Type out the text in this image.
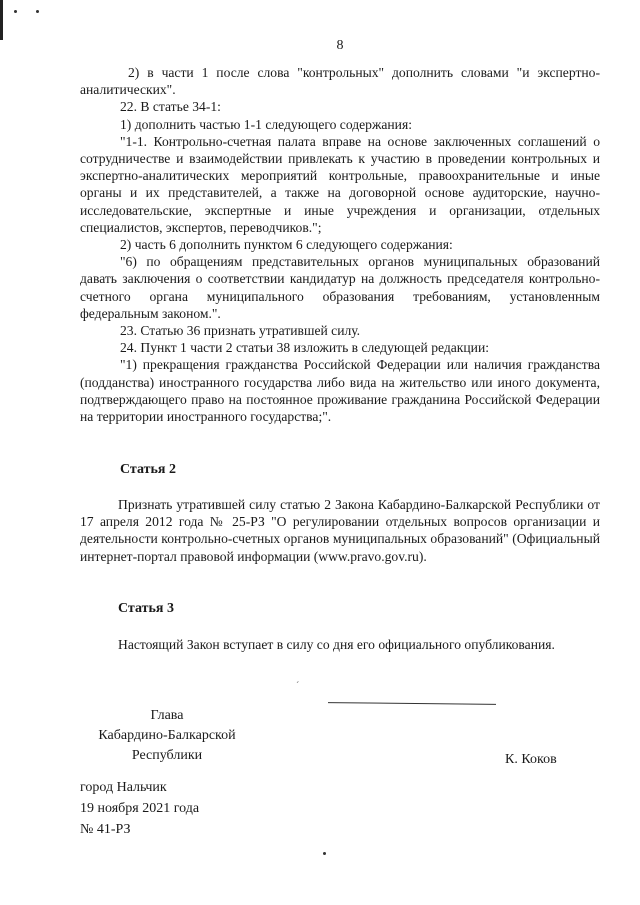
8

2) в части 1 после слова "контрольных" дополнить словами "и экспертно-аналитических".

22. В статье 34-1:

1) дополнить частью 1-1 следующего содержания:

"1-1. Контрольно-счетная палата вправе на основе заключенных соглашений о сотрудничестве и взаимодействии привлекать к участию в проведении контрольных и экспертно-аналитических мероприятий контрольные, правоохранительные и иные органы и их представителей, а также на договорной основе аудиторские, научно-исследовательские, экспертные и иные учреждения и организации, отдельных специалистов, экспертов, переводчиков.";

2) часть 6 дополнить пунктом 6 следующего содержания:

"6) по обращениям представительных органов муниципальных образований давать заключения о соответствии кандидатур на должность председателя контрольно-счетного органа муниципального образования требованиям, установленным федеральным законом.".

23. Статью 36 признать утратившей силу.

24. Пункт 1 части 2 статьи 38 изложить в следующей редакции:

"1) прекращения гражданства Российской Федерации или наличия гражданства (подданства) иностранного государства либо вида на жительство или иного документа, подтверждающего право на постоянное проживание гражданина Российской Федерации на территории иностранного государства;".

Статья 2

Признать утратившей силу статью 2 Закона Кабардино-Балкарской Республики от 17 апреля 2012 года № 25-РЗ "О регулировании отдельных вопросов организации и деятельности контрольно-счетных органов муниципальных образований" (Официальный интернет-портал правовой информации (www.pravo.gov.ru).

Статья 3

Настоящий Закон вступает в силу со дня его официального опубликования.

ˊ
Глава
Кабардино-Балкарской
Республики	К. Коков
город Нальчик
19 ноября 2021 года
№ 41-РЗ
